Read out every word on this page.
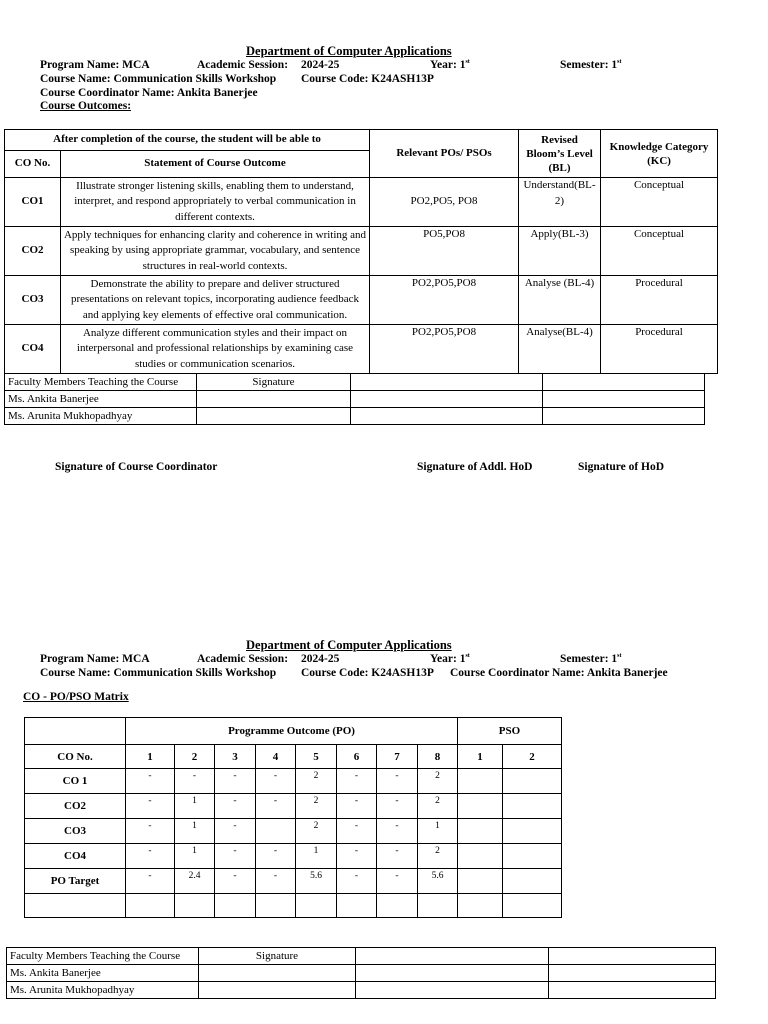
Department of Computer Applications
Program Name: MCA	Academic Session: 2024-25	Year: 1st	Semester: 1st
Course Name: Communication Skills Workshop Course Code: K24ASH13P
Course Coordinator Name: Ankita Banerjee
Course Outcomes:
After completion of the course, the student will be able to		Relevant POs/ PSOs	Revised Bloom’s Level (BL)	Knowledge Category (KC)
CO No.	Statement of Course Outcome			
CO1	Illustrate stronger listening skills, enabling them to understand, interpret, and respond appropriately to verbal communication in different contexts.	PO2,PO5, PO8	Understand(BL-2)	Conceptual
CO2	Apply techniques for enhancing clarity and coherence in writing and speaking by using appropriate grammar, vocabulary, and sentence structures in real-world contexts.	PO5,PO8	Apply(BL-3)	Conceptual
CO3	Demonstrate the ability to prepare and deliver structured presentations on relevant topics, incorporating audience feedback and applying key elements of effective oral communication.	PO2,PO5,PO8	Analyse (BL-4)	Procedural
CO4	Analyze different communication styles and their impact on interpersonal and professional relationships by examining case studies or communication scenarios.	PO2,PO5,PO8	Analyse(BL-4)	Procedural
Faculty Members Teaching the Course	Signature		
Ms. Ankita Banerjee			
Ms. Arunita Mukhopadhyay			
Signature of Course Coordinator	Signature of Addl. HoD	Signature of HoD
Department of Computer Applications
Program Name: MCA	Academic Session: 2024-25	Year: 1st	Semester: 1st
Course Name: Communication Skills Workshop Course Code: K24ASH13P Course Coordinator Name: Ankita Banerjee
CO - PO/PSO Matrix
	Programme Outcome (PO)								PSO	
CO No.	1	2	3	4	5	6	7	8	1	2
CO 1	-	-	-	-	2	-	-	2		
CO2	-	1	-	-	2	-	-	2		
CO3	-	1	-		2	-	-	1		
CO4	-	1	-	-	1	-	-	2		
PO Target	-	2.4	-	-	5.6	-	-	5.6		

Faculty Members Teaching the Course	Signature		
Ms. Ankita Banerjee			
Ms. Arunita Mukhopadhyay			
